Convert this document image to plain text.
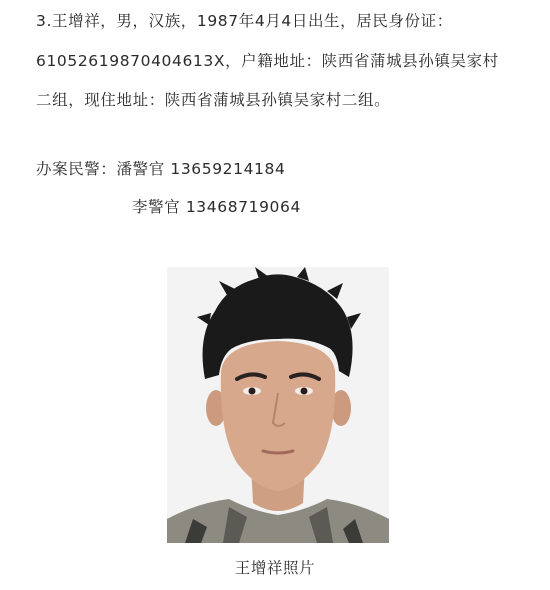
3.王增祥，男，汉族，1987年4月4日出生，居民身份证：
61052619870404613X，户籍地址：陕西省蒲城县孙镇吴家村
二组，现住地址：陕西省蒲城县孙镇吴家村二组。
办案民警：潘警官 13659214184
李警官 13468719064
王增祥照片
